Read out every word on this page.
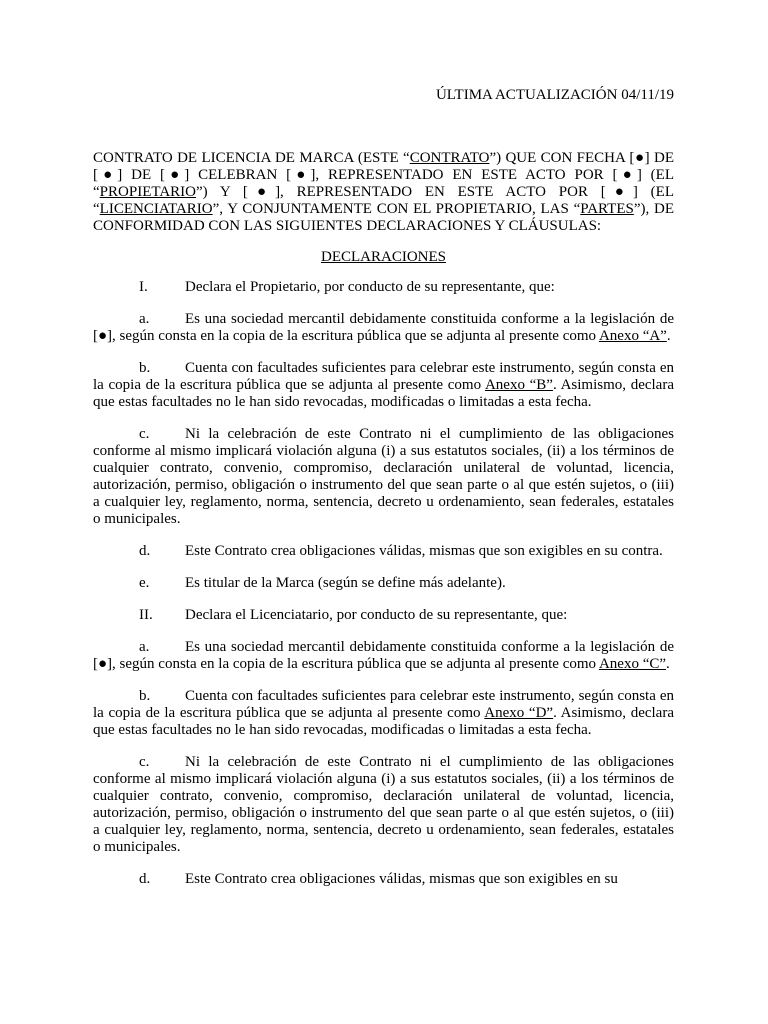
ÚLTIMA ACTUALIZACIÓN 04/11/19

CONTRATO DE LICENCIA DE MARCA (ESTE “CONTRATO”) QUE CON FECHA [●] DE [●] DE [●] CELEBRAN [●], REPRESENTADO EN ESTE ACTO POR [●] (EL “PROPIETARIO”) Y [●], REPRESENTADO EN ESTE ACTO POR [●] (EL “LICENCIATARIO”, Y CONJUNTAMENTE CON EL PROPIETARIO, LAS “PARTES”), DE CONFORMIDAD CON LAS SIGUIENTES DECLARACIONES Y CLÁUSULAS:

DECLARACIONES

I. Declara el Propietario, por conducto de su representante, que:

a. Es una sociedad mercantil debidamente constituida conforme a la legislación de [●], según consta en la copia de la escritura pública que se adjunta al presente como Anexo “A”.

b. Cuenta con facultades suficientes para celebrar este instrumento, según consta en la copia de la escritura pública que se adjunta al presente como Anexo “B”. Asimismo, declara que estas facultades no le han sido revocadas, modificadas o limitadas a esta fecha.

c. Ni la celebración de este Contrato ni el cumplimiento de las obligaciones conforme al mismo implicará violación alguna (i) a sus estatutos sociales, (ii) a los términos de cualquier contrato, convenio, compromiso, declaración unilateral de voluntad, licencia, autorización, permiso, obligación o instrumento del que sean parte o al que estén sujetos, o (iii) a cualquier ley, reglamento, norma, sentencia, decreto u ordenamiento, sean federales, estatales o municipales.

d. Este Contrato crea obligaciones válidas, mismas que son exigibles en su contra.

e. Es titular de la Marca (según se define más adelante).

II. Declara el Licenciatario, por conducto de su representante, que:

a. Es una sociedad mercantil debidamente constituida conforme a la legislación de [●], según consta en la copia de la escritura pública que se adjunta al presente como Anexo “C”.

b. Cuenta con facultades suficientes para celebrar este instrumento, según consta en la copia de la escritura pública que se adjunta al presente como Anexo “D”. Asimismo, declara que estas facultades no le han sido revocadas, modificadas o limitadas a esta fecha.

c. Ni la celebración de este Contrato ni el cumplimiento de las obligaciones conforme al mismo implicará violación alguna (i) a sus estatutos sociales, (ii) a los términos de cualquier contrato, convenio, compromiso, declaración unilateral de voluntad, licencia, autorización, permiso, obligación o instrumento del que sean parte o al que estén sujetos, o (iii) a cualquier ley, reglamento, norma, sentencia, decreto u ordenamiento, sean federales, estatales o municipales.

d. Este Contrato crea obligaciones válidas, mismas que son exigibles en su
